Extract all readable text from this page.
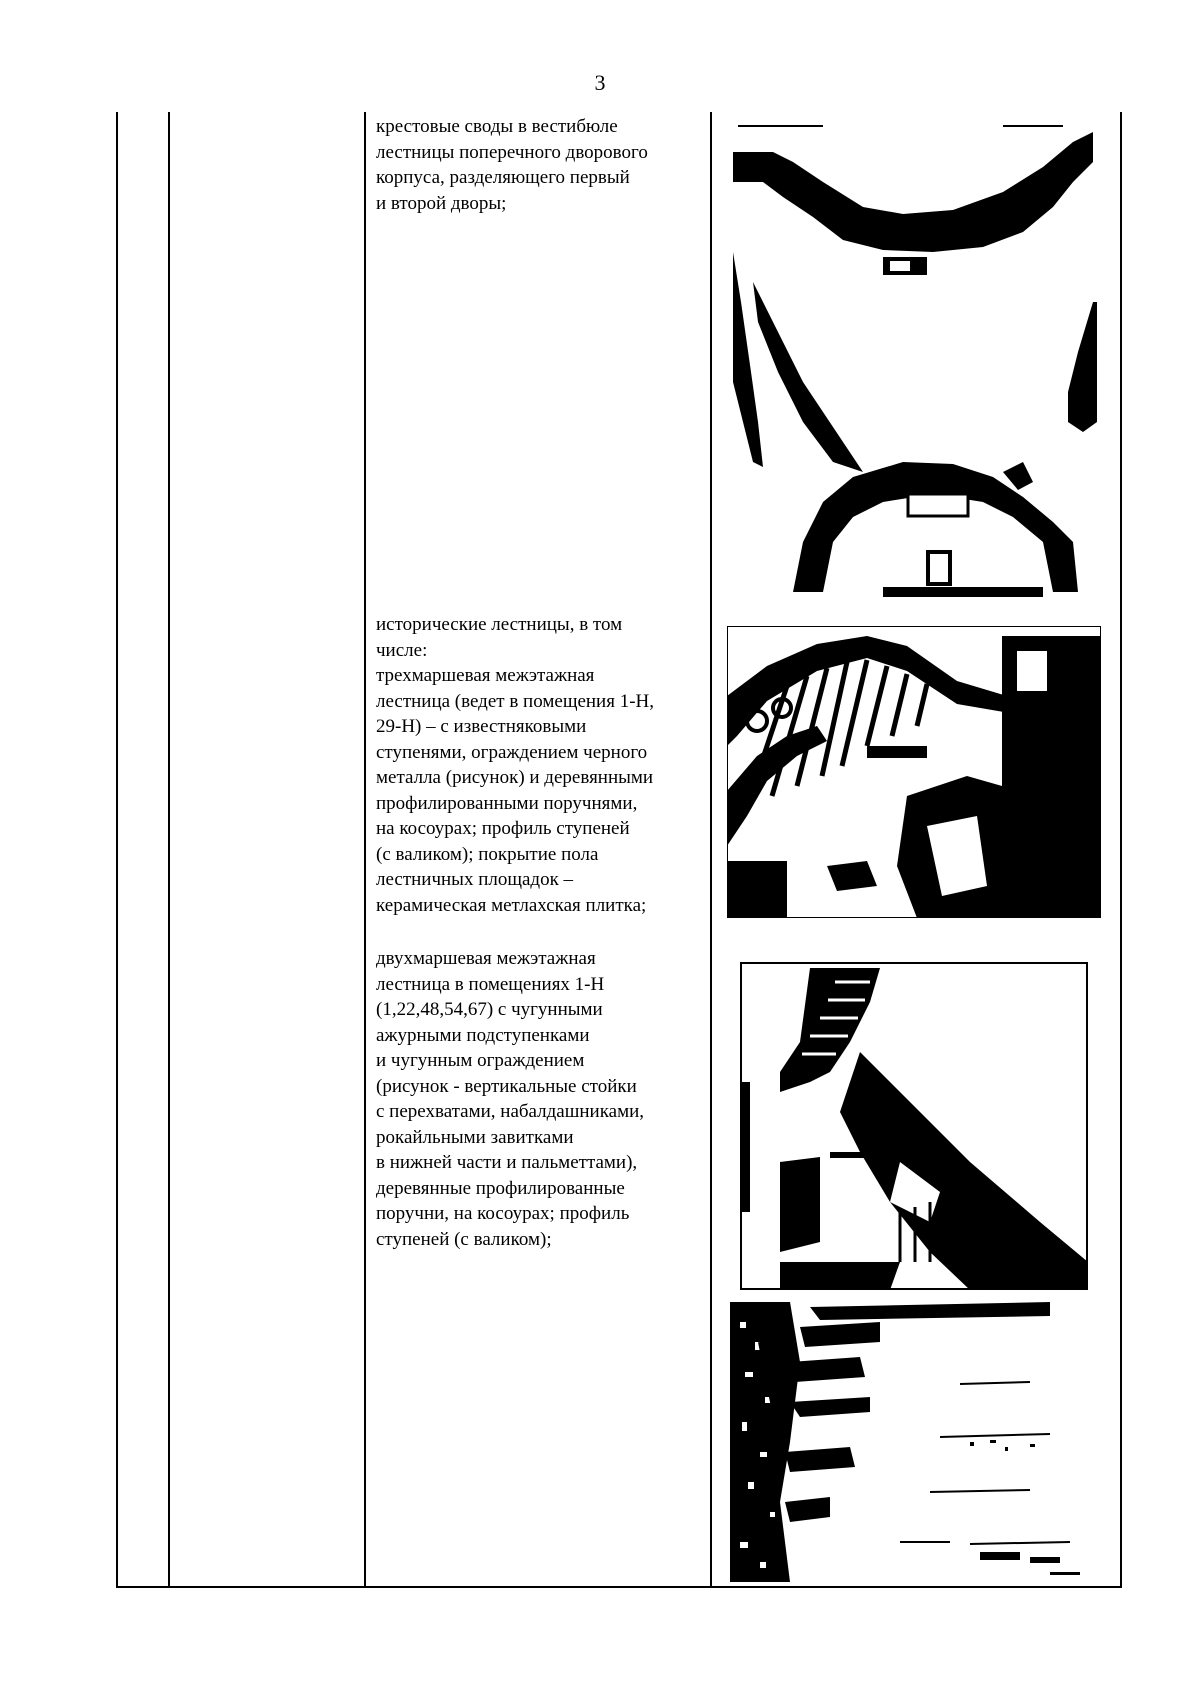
3
крестовые своды в вестибюле
лестницы поперечного дворового
корпуса, разделяющего первый
и второй дворы;
исторические лестницы, в том
числе:
трехмаршевая межэтажная
лестница (ведет в помещения 1-Н,
29-Н) – с известняковыми
ступенями, ограждением черного
металла (рисунок) и деревянными
профилированными поручнями,
на косоурах; профиль ступеней
(с валиком); покрытие пола
лестничных площадок –
керамическая метлахская плитка;
двухмаршевая межэтажная
лестница в помещениях 1-Н
(1,22,48,54,67) с чугунными
ажурными подступенками
и чугунным ограждением
(рисунок - вертикальные стойки
с перехватами, набалдашниками,
рокайльными завитками
в нижней части и пальметтами),
деревянные профилированные
поручни, на косоурах; профиль
ступеней (с валиком);
